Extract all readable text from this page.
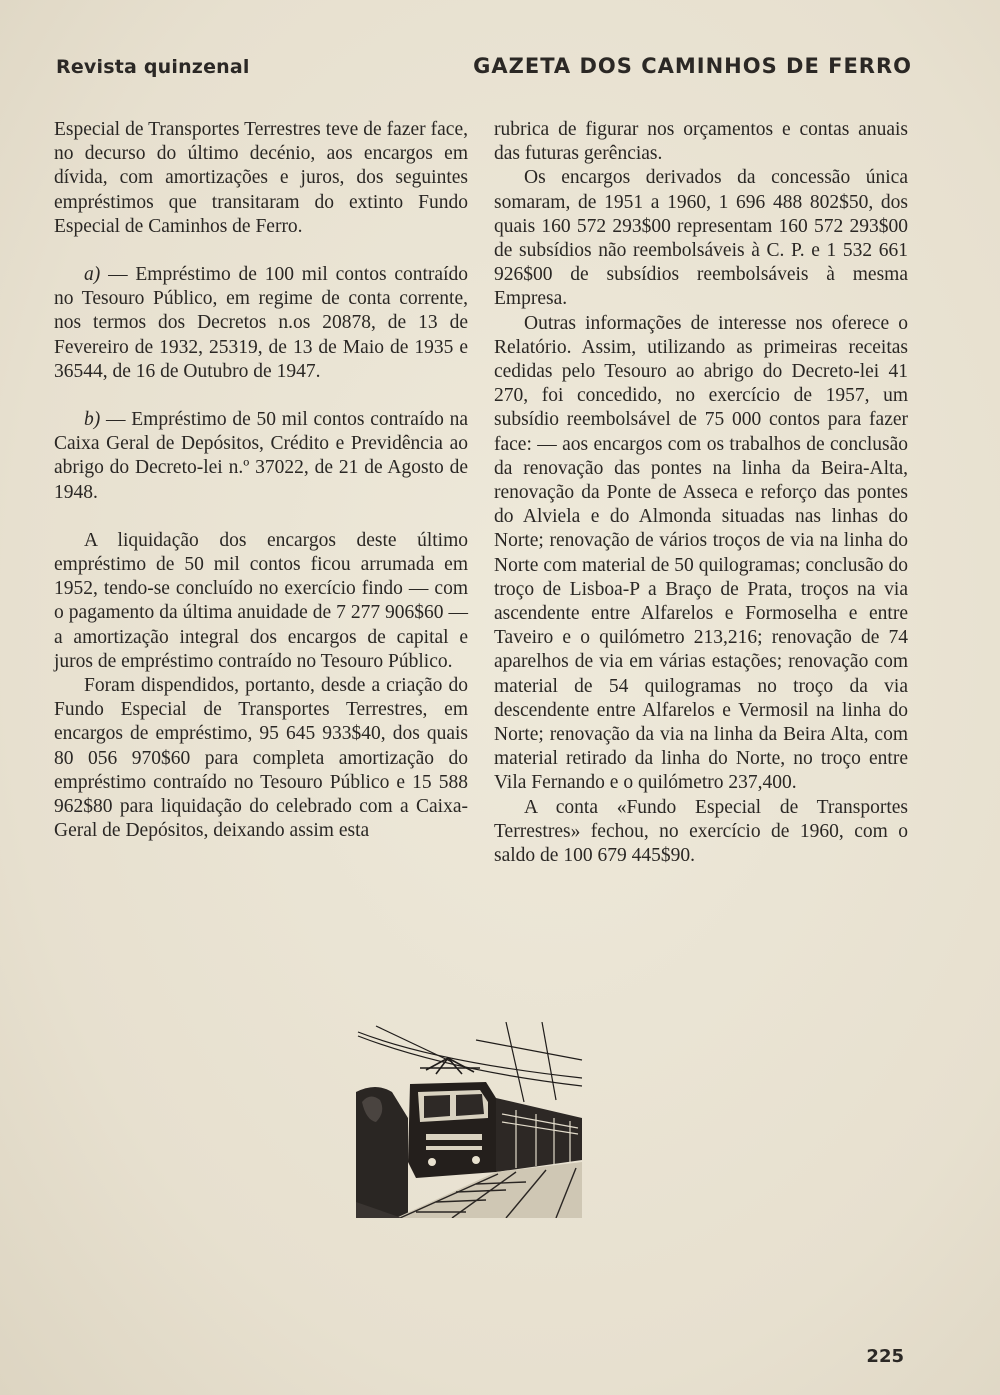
Revista quinzenal	GAZETA DOS CAMINHOS DE FERRO

Especial de Transportes Terrestres teve de fazer face, no decurso do último decénio, aos encargos em dívida, com amortizações e juros, dos seguintes empréstimos que transitaram do extinto Fundo Especial de Caminhos de Ferro.

a) — Empréstimo de 100 mil contos contraído no Tesouro Público, em regime de conta corrente, nos termos dos Decretos n.os 20878, de 13 de Fevereiro de 1932, 25319, de 13 de Maio de 1935 e 36544, de 16 de Outubro de 1947.

b) — Empréstimo de 50 mil contos contraído na Caixa Geral de Depósitos, Crédito e Previdência ao abrigo do Decreto-lei n.º 37022, de 21 de Agosto de 1948.

A liquidação dos encargos deste último empréstimo de 50 mil contos ficou arrumada em 1952, tendo-se concluído no exercício findo — com o pagamento da última anuidade de 7 277 906$60 — a amortização integral dos encargos de capital e juros de empréstimo contraído no Tesouro Público.

Foram dispendidos, portanto, desde a criação do Fundo Especial de Transportes Terrestres, em encargos de empréstimo, 95 645 933$40, dos quais 80 056 970$60 para completa amortização do empréstimo contraído no Tesouro Público e 15 588 962$80 para liquidação do celebrado com a Caixa-Geral de Depósitos, deixando assim esta

rubrica de figurar nos orçamentos e contas anuais das futuras gerências.

Os encargos derivados da concessão única somaram, de 1951 a 1960, 1 696 488 802$50, dos quais 160 572 293$00 representam 160 572 293$00 de subsídios não reembolsáveis à C. P. e 1 532 661 926$00 de subsídios reembolsáveis à mesma Empresa.

Outras informações de interesse nos oferece o Relatório. Assim, utilizando as primeiras receitas cedidas pelo Tesouro ao abrigo do Decreto-lei 41 270, foi concedido, no exercício de 1957, um subsídio reembolsável de 75 000 contos para fazer face: — aos encargos com os trabalhos de conclusão da renovação das pontes na linha da Beira-Alta, renovação da Ponte de Asseca e reforço das pontes do Alviela e do Almonda situadas nas linhas do Norte; renovação de vários troços de via na linha do Norte com material de 50 quilogramas; conclusão do troço de Lisboa-P a Braço de Prata, troços na via ascendente entre Alfarelos e Formoselha e entre Taveiro e o quilómetro 213,216; renovação de 74 aparelhos de via em várias estações; renovação com material de 54 quilogramas no troço da via descendente entre Alfarelos e Vermosil na linha do Norte; renovação da via na linha da Beira Alta, com material retirado da linha do Norte, no troço entre Vila Fernando e o quilómetro 237,400.

A conta «Fundo Especial de Transportes Terrestres» fechou, no exercício de 1960, com o saldo de 100 679 445$90.

225
